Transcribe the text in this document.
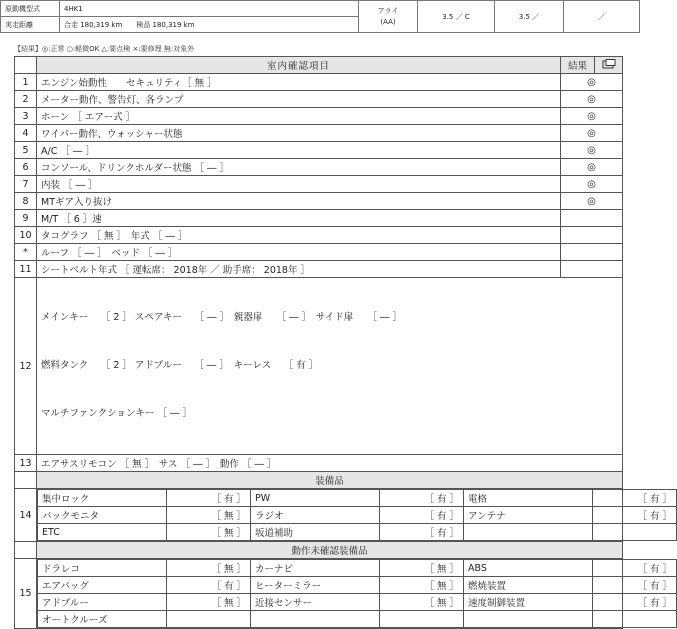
原動機型式	4HK1	アライ
(AA)	3.5 ／ C	3.5 ／	／
実走距離	合走 180,319 km　　検品 180,319 km				
【結果】◎:正常 ○:軽微OK △:要点検 ×:要修理 無:対象外
	室内確認項目	結果	
1	エンジン始動性　　セキュリティ［ 無 ］	◎
2	メーター動作、警告灯、各ランプ	◎
3	ホーン ［ エアー式 ］	◎
4	ワイパー動作、ウォッシャー状態	◎
5	A/C ［ ― ］	◎
6	コンソール、ドリンクホルダー状態 ［ ― ］	◎
7	内装 ［ ― ］	◎
8	MTギア入り抜け	◎
9	M/T ［ 6 ］速	
10	タコグラフ ［ 無 ］　年式 ［ ― ］	
*	ルーフ ［ ― ］　ベッド ［ ― ］	
11	シートベルト年式 ［ 運転席： 2018年 ／ 助手席： 2018年 ］	
12	

メインキー　 ［ 2 ］ スペアキー　 ［ ― ］　親器扉　　［ ― ］　サイド扉　　［ ― ］

燃料タンク　 ［ 2 ］ アドブルー　 ［ ― ］　キーレス　 ［ 有 ］

マルチファンクションキー ［ ― ］

13	エアサスリモコン ［ 無 ］　サス ［ ― ］　動作 ［ ― ］
	装備品
14	
集中ロック	［ 有 ］	PW	［ 有 ］	電格	［ 有 ］
バックモニタ	［ 無 ］	ラジオ	［ 有 ］	アンテナ	［ 有 ］
ETC	［ 無 ］	坂道補助	［ 有 ］		

	動作未確認装備品
15	
ドラレコ	［ 無 ］	カーナビ	［ 無 ］	ABS	［ 有 ］
エアバッグ	［ 有 ］	ヒーターミラー	［ 無 ］	燃焼装置	［ 有 ］
アドブルー	［ 無 ］	近接センサー	［ 無 ］	速度制御装置	［ 有 ］
オートクルーズ					
